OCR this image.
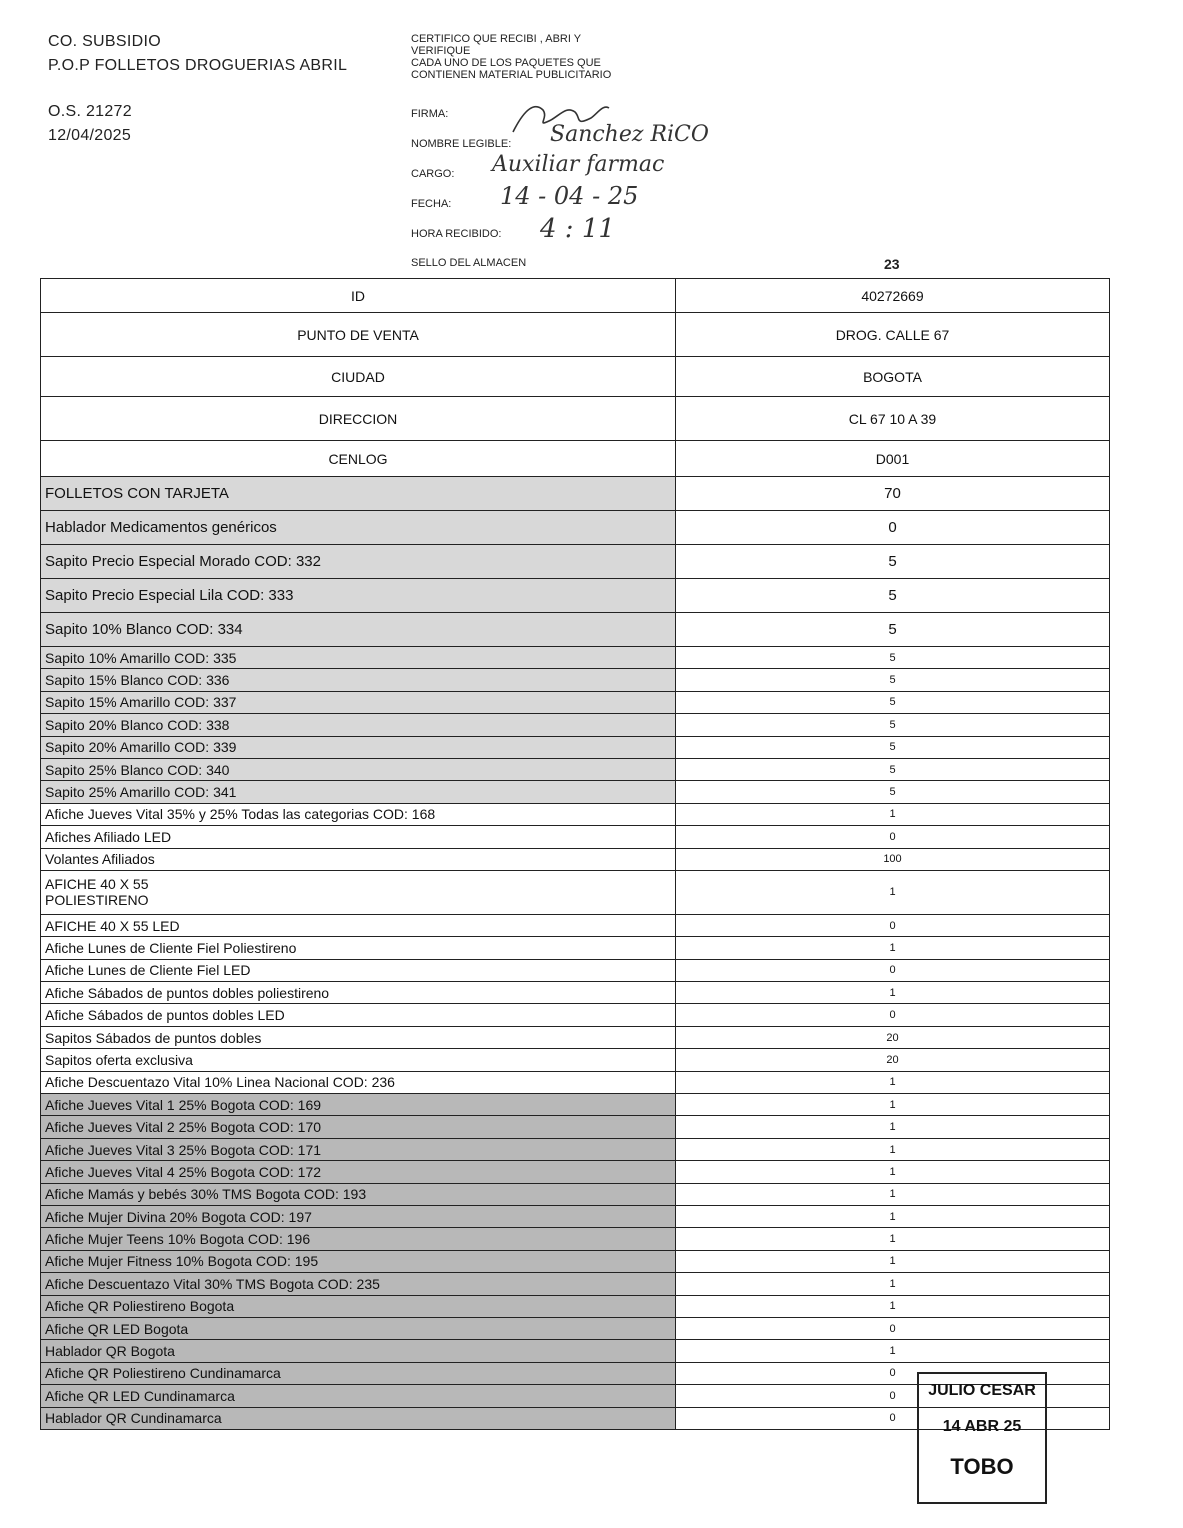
CO. SUBSIDIO
P.O.P FOLLETOS DROGUERIAS ABRIL
O.S. 21272
12/04/2025
CERTIFICO QUE RECIBI , ABRI Y
VERIFIQUE
CADA UNO DE LOS PAQUETES QUE
CONTIENEN MATERIAL PUBLICITARIO
FIRMA:
NOMBRE LEGIBLE: Sanchez RiCO
CARGO: Auxiliar farmac
FECHA: 14 - 04 - 25
HORA RECIBIDO: 4 : 11
SELLO DEL ALMACEN	23
ID	40272669
PUNTO DE VENTA	DROG. CALLE 67
CIUDAD	BOGOTA
DIRECCION	CL 67 10 A 39
CENLOG	D001
FOLLETOS CON TARJETA	70
Hablador Medicamentos genéricos	0
Sapito Precio Especial Morado COD: 332	5
Sapito Precio Especial Lila COD: 333	5
Sapito 10% Blanco COD: 334	5
Sapito 10% Amarillo COD: 335	5
Sapito 15% Blanco COD: 336	5
Sapito 15% Amarillo COD: 337	5
Sapito 20% Blanco COD: 338	5
Sapito 20% Amarillo COD: 339	5
Sapito 25% Blanco COD: 340	5
Sapito 25% Amarillo COD: 341	5
Afiche Jueves Vital 35% y 25% Todas las categorias COD: 168	1
Afiches Afiliado LED	0
Volantes Afiliados	100
AFICHE 40 X 55
POLIESTIRENO	1
AFICHE 40 X 55 LED	0
Afiche Lunes de Cliente Fiel Poliestireno	1
Afiche Lunes de Cliente Fiel LED	0
Afiche Sábados de puntos dobles poliestireno	1
Afiche Sábados de puntos dobles LED	0
Sapitos Sábados de puntos dobles	20
Sapitos oferta exclusiva	20
Afiche Descuentazo Vital 10% Linea Nacional COD: 236	1
Afiche Jueves Vital 1 25% Bogota COD: 169	1
Afiche Jueves Vital 2 25% Bogota COD: 170	1
Afiche Jueves Vital 3 25% Bogota COD: 171	1
Afiche Jueves Vital 4 25% Bogota COD: 172	1
Afiche Mamás y bebés 30% TMS Bogota COD: 193	1
Afiche Mujer Divina 20% Bogota COD: 197	1
Afiche Mujer Teens 10% Bogota COD: 196	1
Afiche Mujer Fitness 10% Bogota COD: 195	1
Afiche Descuentazo Vital 30% TMS Bogota COD: 235	1
Afiche QR Poliestireno Bogota	1
Afiche QR LED Bogota	0
Hablador QR Bogota	1
Afiche QR Poliestireno Cundinamarca	0
Afiche QR LED Cundinamarca	0
Hablador QR Cundinamarca	0
JULIO CESAR
14 ABR 25
TOBO
